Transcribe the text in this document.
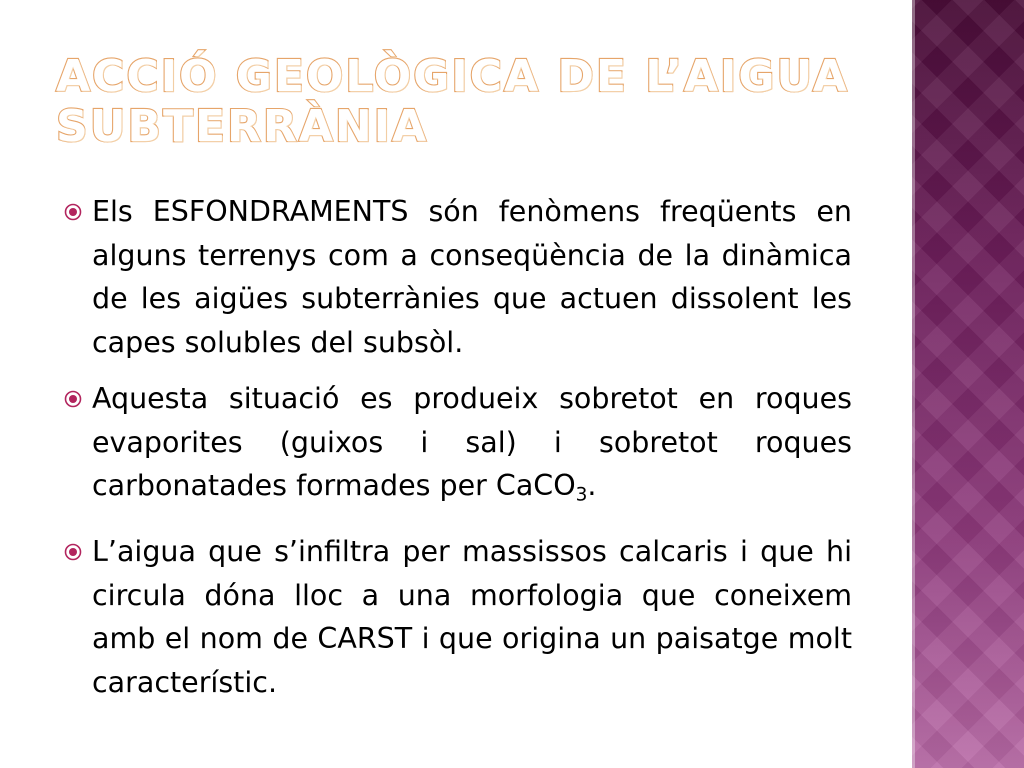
ACCIÓ GEOLÒGICA DE L’AIGUA SUBTERRÀNIA
Els ESFONDRAMENTS són fenòmens freqüents en alguns terrenys com a conseqüència de la dinàmica de les aigües subterrànies que actuen dissolent les capes solubles del subsòl.
Aquesta situació es produeix sobretot en roques evaporites (guixos i sal) i sobretot roques carbonatades formades per CaCO$_3$.
L’aigua que s’infiltra per massissos calcaris i que hi circula dóna lloc a una morfologia que coneixem amb el nom de CARST i que origina un paisatge molt característic.
